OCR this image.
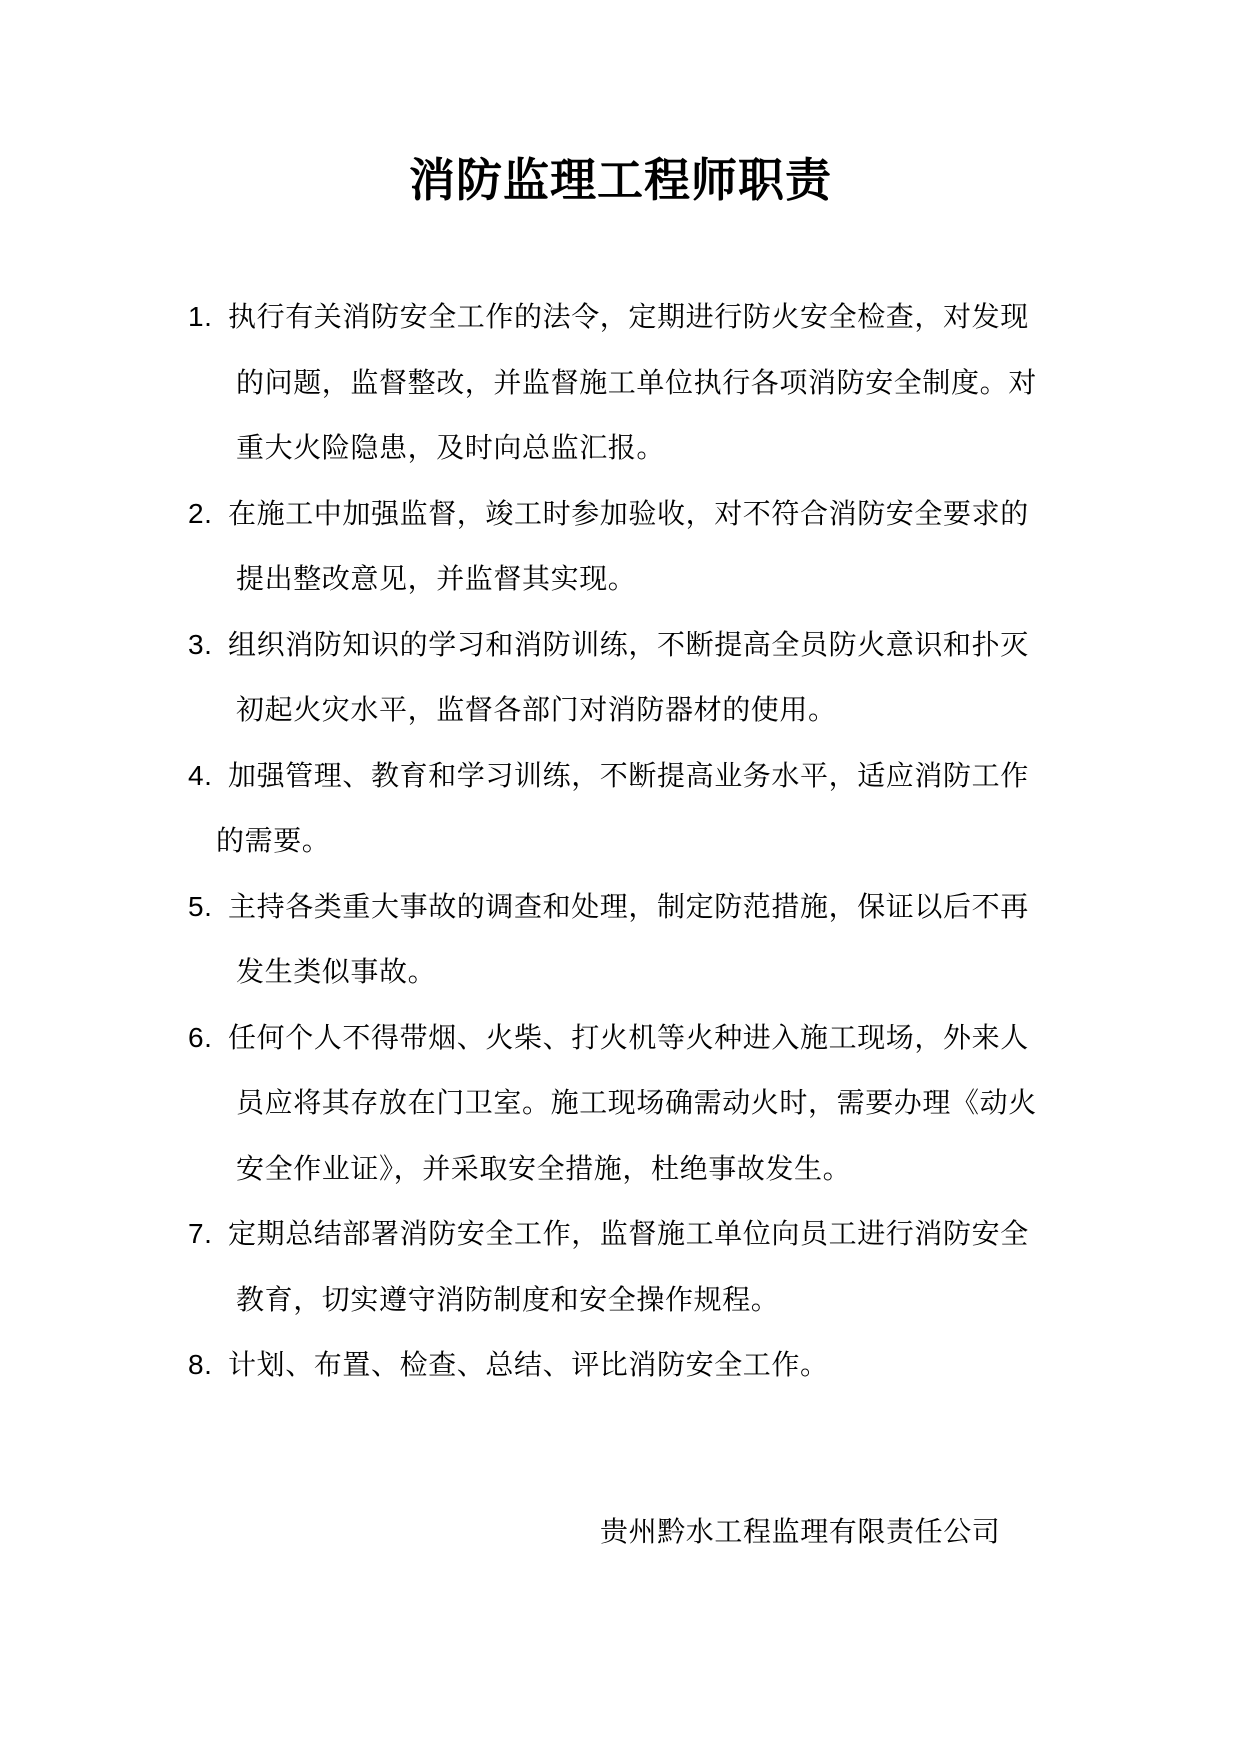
消防监理工程师职责
1. 执行有关消防安全工作的法令，定期进行防火安全检查，对发现
的问题，监督整改，并监督施工单位执行各项消防安全制度。对
重大火险隐患，及时向总监汇报。
2. 在施工中加强监督，竣工时参加验收，对不符合消防安全要求的
提出整改意见，并监督其实现。
3. 组织消防知识的学习和消防训练，不断提高全员防火意识和扑灭
初起火灾水平，监督各部门对消防器材的使用。
4. 加强管理、教育和学习训练，不断提高业务水平，适应消防工作
的需要。
5. 主持各类重大事故的调查和处理，制定防范措施，保证以后不再
发生类似事故。
6. 任何个人不得带烟、火柴、打火机等火种进入施工现场，外来人
员应将其存放在门卫室。施工现场确需动火时，需要办理《动火
安全作业证》，并采取安全措施，杜绝事故发生。
7. 定期总结部署消防安全工作，监督施工单位向员工进行消防安全
教育，切实遵守消防制度和安全操作规程。
8. 计划、布置、检查、总结、评比消防安全工作。
贵州黔水工程监理有限责任公司
